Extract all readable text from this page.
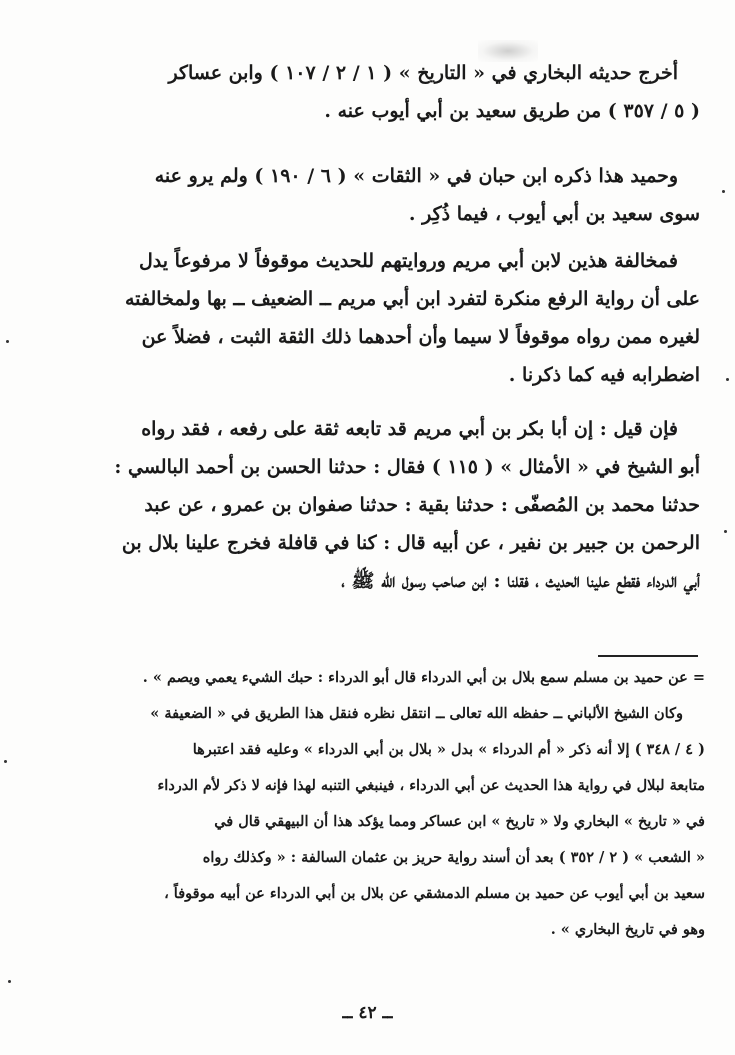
أخرج حديثه البخاري في « التاريخ » ( ١ / ٢ / ١٠٧ ) وابن عساكر
( ٥ / ٣٥٧ ) من طريق سعيد بن أبي أيوب عنه .
وحميد هذا ذكره ابن حبان في « الثقات » ( ٦ / ١٩٠ ) ولم يرو عنه
سوى سعيد بن أبي أيوب ، فيما ذُكِر .
فمخالفة هذين لابن أبي مريم وروايتهم للحديث موقوفاً لا مرفوعاً يدل
على أن رواية الرفع منكرة لتفرد ابن أبي مريم ــ الضعيف ــ بها ولمخالفته
لغيره ممن رواه موقوفاً لا سيما وأن أحدهما ذلك الثقة الثبت ، فضلاً عن
اضطرابه فيه كما ذكرنا .
فإن قيل : إن أبا بكر بن أبي مريم قد تابعه ثقة على رفعه ، فقد رواه
أبو الشيخ في « الأمثال » ( ١١٥ ) فقال : حدثنا الحسن بن أحمد البالسي :
حدثنا محمد بن المُصفّى : حدثنا بقية : حدثنا صفوان بن عمرو ، عن عبد
الرحمن بن جبير بن نفير ، عن أبيه قال : كنا في قافلة فخرج علينا بلال بن
أبي الدرداء فقطع علينا الحديث ، فقلنا : ابن صاحب رسول الله ﷺ ،
= عن حميد بن مسلم سمع بلال بن أبي الدرداء قال أبو الدرداء : حبك الشيء يعمي ويصم » .
وكان الشيخ الألباني ــ حفظه الله تعالى ــ انتقل نظره فنقل هذا الطريق في « الضعيفة »
( ٤ / ٣٤٨ ) إلا أنه ذكر « أم الدرداء » بدل « بلال بن أبي الدرداء » وعليه فقد اعتبرها
متابعة لبلال في رواية هذا الحديث عن أبي الدرداء ، فينبغي التنبه لهذا فإنه لا ذكر لأم الدرداء
في « تاريخ » البخاري ولا « تاريخ » ابن عساكر ومما يؤكد هذا أن البيهقي قال في
« الشعب » ( ٢ / ٣٥٢ ) بعد أن أسند رواية حريز بن عثمان السالفة : « وكذلك رواه
سعيد بن أبي أيوب عن حميد بن مسلم الدمشقي عن بلال بن أبي الدرداء عن أبيه موقوفاً ،
وهو في تاريخ البخاري » .
ــ ٤٢ ــ
